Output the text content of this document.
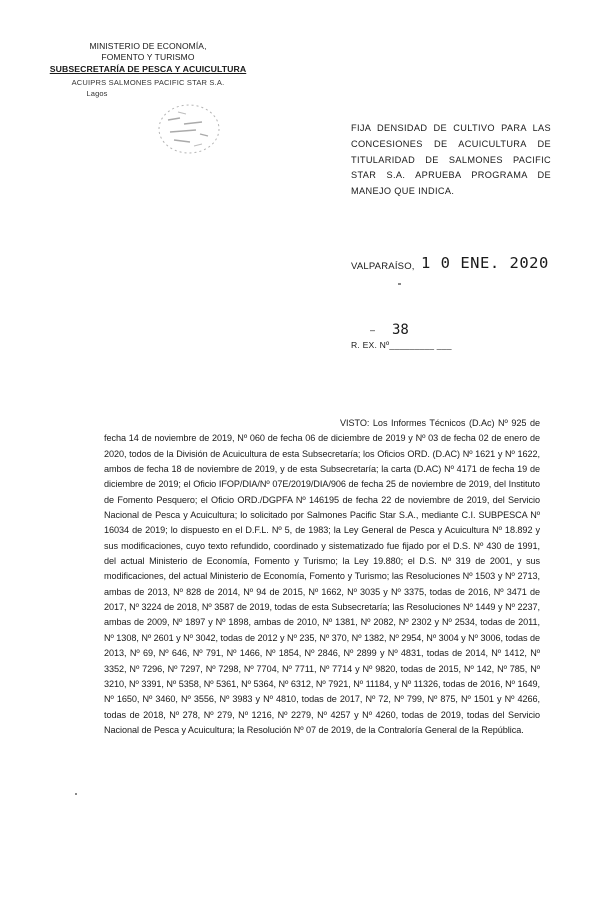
MINISTERIO DE ECONOMÍA,
FOMENTO Y TURISMO
SUBSECRETARÍA DE PESCA Y ACUICULTURA
ACUIPRS SALMONES PACIFIC STAR S.A.
Lagos
FIJA DENSIDAD DE CULTIVO PARA LAS CONCESIONES DE ACUICULTURA DE TITULARIDAD DE SALMONES PACIFIC STAR S.A. APRUEBA PROGRAMA DE MANEJO QUE INDICA.
VALPARAÍSO, 1 0 ENE. 2020
– 38
R. EX. Nº_________ ___
VISTO: Los Informes Técnicos (D.Ac) Nº 925 de fecha 14 de noviembre de 2019, Nº 060 de fecha 06 de diciembre de 2019 y Nº 03 de fecha 02 de enero de 2020, todos de la División de Acuicultura de esta Subsecretaría; los Oficios ORD. (D.AC) Nº 1621 y Nº 1622, ambos de fecha 18 de noviembre de 2019, y de esta Subsecretaría; la carta (D.AC) Nº 4171 de fecha 19 de diciembre de 2019; el Oficio IFOP/DIA/Nº 07E/2019/DIA/906 de fecha 25 de noviembre de 2019, del Instituto de Fomento Pesquero; el Oficio ORD./DGPFA Nº 146195 de fecha 22 de noviembre de 2019, del Servicio Nacional de Pesca y Acuicultura; lo solicitado por Salmones Pacific Star S.A., mediante C.I. SUBPESCA Nº 16034 de 2019; lo dispuesto en el D.F.L. Nº 5, de 1983; la Ley General de Pesca y Acuicultura Nº 18.892 y sus modificaciones, cuyo texto refundido, coordinado y sistematizado fue fijado por el D.S. Nº 430 de 1991, del actual Ministerio de Economía, Fomento y Turismo; la Ley 19.880; el D.S. Nº 319 de 2001, y sus modificaciones, del actual Ministerio de Economía, Fomento y Turismo; las Resoluciones Nº 1503 y Nº 2713, ambas de 2013, Nº 828 de 2014, Nº 94 de 2015, Nº 1662, Nº 3035 y Nº 3375, todas de 2016, Nº 3471 de 2017, Nº 3224 de 2018, Nº 3587 de 2019, todas de esta Subsecretaría; las Resoluciones Nº 1449 y Nº 2237, ambas de 2009, Nº 1897 y Nº 1898, ambas de 2010, Nº 1381, Nº 2082, Nº 2302 y Nº 2534, todas de 2011, Nº 1308, Nº 2601 y Nº 3042, todas de 2012 y Nº 235, Nº 370, Nº 1382, Nº 2954, Nº 3004 y Nº 3006, todas de 2013, Nº 69, Nº 646, Nº 791, Nº 1466, Nº 1854, Nº 2846, Nº 2899 y Nº 4831, todas de 2014, Nº 1412, Nº 3352, Nº 7296, Nº 7297, Nº 7298, Nº 7704, Nº 7711, Nº 7714 y Nº 9820, todas de 2015, Nº 142, Nº 785, Nº 3210, Nº 3391, Nº 5358, Nº 5361, Nº 5364, Nº 6312, Nº 7921, Nº 11184, y Nº 11326, todas de 2016, Nº 1649, Nº 1650, Nº 3460, Nº 3556, Nº 3983 y Nº 4810, todas de 2017, Nº 72, Nº 799, Nº 875, Nº 1501 y Nº 4266, todas de 2018, Nº 278, Nº 279, Nº 1216, Nº 2279, Nº 4257 y Nº 4260, todas de 2019, todas del Servicio Nacional de Pesca y Acuicultura; la Resolución Nº 07 de 2019, de la Contraloría General de la República.
